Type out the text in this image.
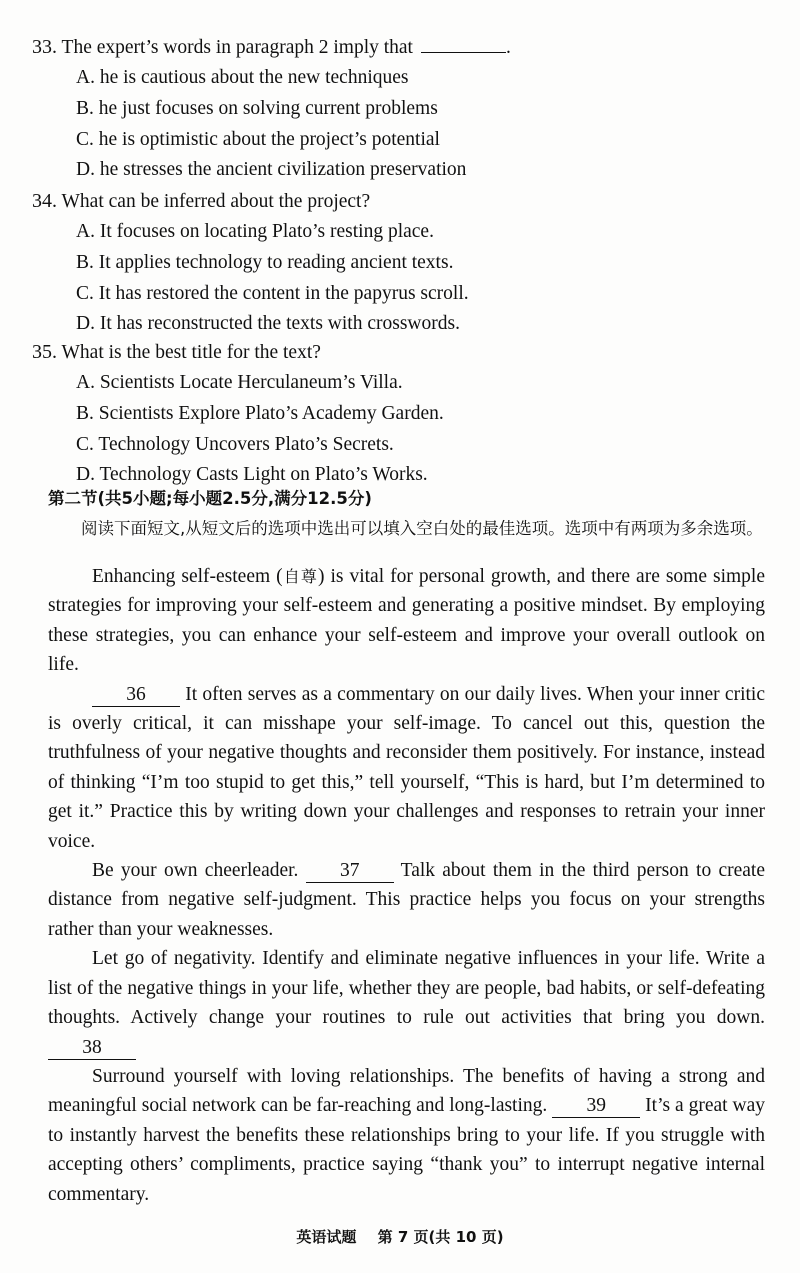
33. The expert’s words in paragraph 2 imply that	.
A. he is cautious about the new techniques
B. he just focuses on solving current problems
C. he is optimistic about the project’s potential
D. he stresses the ancient civilization preservation
34. What can be inferred about the project?
A. It focuses on locating Plato’s resting place.
B. It applies technology to reading ancient texts.
C. It has restored the content in the papyrus scroll.
D. It has reconstructed the texts with crosswords.
35. What is the best title for the text?
A. Scientists Locate Herculaneum’s Villa.
B. Scientists Explore Plato’s Academy Garden.
C. Technology Uncovers Plato’s Secrets.
D. Technology Casts Light on Plato’s Works.
第二节(共5小题;每小题2.5分,满分12.5分)
阅读下面短文,从短文后的选项中选出可以填入空白处的最佳选项。选项中有两项为多余选项。

Enhancing self-esteem (自尊) is vital for personal growth, and there are some simple strategies for improving your self-esteem and generating a positive mindset. By employing these strategies, you can enhance your self-esteem and improve your overall outlook on life.

36 It often serves as a commentary on our daily lives. When your inner critic is overly critical, it can misshape your self-image. To cancel out this, question the truthfulness of your negative thoughts and reconsider them positively. For instance, instead of thinking “I’m too stupid to get this,” tell yourself, “This is hard, but I’m determined to get it.” Practice this by writing down your challenges and responses to retrain your inner voice.

Be your own cheerleader. 37 Talk about them in the third person to create distance from negative self-judgment. This practice helps you focus on your strengths rather than your weaknesses.

Let go of negativity. Identify and eliminate negative influences in your life. Write a list of the negative things in your life, whether they are people, bad habits, or self-defeating thoughts. Actively change your routines to rule out activities that bring you down. 38

Surround yourself with loving relationships. The benefits of having a strong and meaningful social network can be far-reaching and long-lasting. 39 It’s a great way to instantly harvest the benefits these relationships bring to your life. If you struggle with accepting others’ compliments, practice saying “thank you” to interrupt negative internal commentary.

英语试题 第 7 页(共 10 页)
